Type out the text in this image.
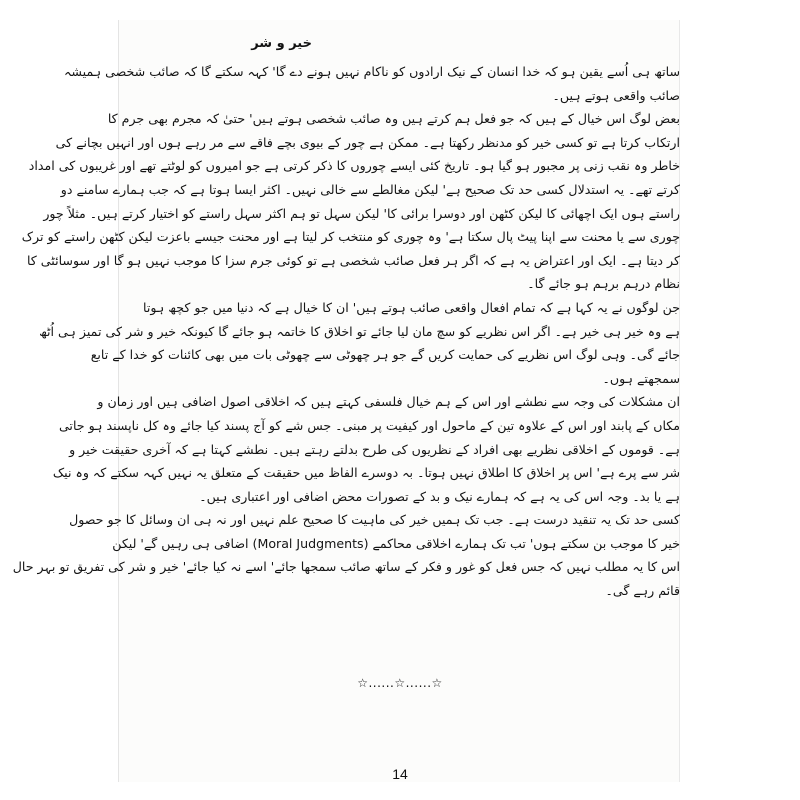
خیر و شر
ساتھ ہی اُسے یقین ہو کہ خدا انسان کے نیک ارادوں کو ناکام نہیں ہونے دے گا' کہہ سکتے گا کہ صائب شخصی ہمیشہ
صائب واقعی ہوتے ہیں۔
بعض لوگ اس خیال کے ہیں کہ جو فعل ہم کرتے ہیں وہ صائب شخصی ہوتے ہیں' حتیٰ کہ مجرم بھی جرم کا
ارتکاب کرتا ہے تو کسی خیر کو مدنظر رکھتا ہے۔ ممکن ہے چور کے بیوی بچے فاقے سے مر رہے ہوں اور انہیں بچانے کی
خاطر وہ نقب زنی پر مجبور ہو گیا ہو۔ تاریخ کئی ایسے چوروں کا ذکر کرتی ہے جو امیروں کو لوٹتے تھے اور غریبوں کی امداد
کرتے تھے۔ یہ استدلال کسی حد تک صحیح ہے' لیکن مغالطے سے خالی نہیں۔ اکثر ایسا ہوتا ہے کہ جب ہمارے سامنے دو
راستے ہوں ایک اچھائی کا لیکن کٹھن اور دوسرا برائی کا' لیکن سہل تو ہم اکثر سہل راستے کو اختیار کرتے ہیں۔ مثلاً چور
چوری سے یا محنت سے اپنا پیٹ پال سکتا ہے' وہ چوری کو منتخب کر لیتا ہے اور محنت جیسے باعزت لیکن کٹھن راستے کو ترک
کر دیتا ہے۔ ایک اور اعتراض یہ ہے کہ اگر ہر فعل صائب شخصی ہے تو کوئی جرم سزا کا موجب نہیں ہو گا اور سوسائٹی کا
نظام درہم برہم ہو جائے گا۔
جن لوگوں نے یہ کہا ہے کہ تمام افعال واقعی صائب ہوتے ہیں' ان کا خیال ہے کہ دنیا میں جو کچھ ہوتا
ہے وہ خیر ہی خیر ہے۔ اگر اس نظریے کو سچ مان لیا جائے تو اخلاق کا خاتمہ ہو جائے گا کیونکہ خیر و شر کی تمیز ہی اُٹھ
جائے گی۔ وہی لوگ اس نظریے کی حمایت کریں گے جو ہر چھوٹی سے چھوٹی بات میں بھی کائنات کو خدا کے تابع
سمجھتے ہوں۔
ان مشکلات کی وجہ سے نطشے اور اس کے ہم خیال فلسفی کہتے ہیں کہ اخلاقی اصول اضافی ہیں اور زمان و
مکاں کے پابند اور اس کے علاوہ تین کے ماحول اور کیفیت پر مبنی۔ جس شے کو آج پسند کیا جائے وہ کل ناپسند ہو جاتی
ہے۔ قوموں کے اخلاقی نظریے بھی افراد کے نظریوں کی طرح بدلتے رہتے ہیں۔ نطشے کہتا ہے کہ آخری حقیقت خیر و
شر سے پرے ہے' اس پر اخلاق کا اطلاق نہیں ہوتا۔ بہ دوسرے الفاظ میں حقیقت کے متعلق یہ نہیں کہہ سکتے کہ وہ نیک
ہے یا بد۔ وجہ اس کی یہ ہے کہ ہمارے نیک و بد کے تصورات محض اضافی اور اعتباری ہیں۔
کسی حد تک یہ تنقید درست ہے۔ جب تک ہمیں خیر کی ماہیت کا صحیح علم نہیں اور نہ ہی ان وسائل کا جو حصول
خیر کا موجب بن سکتے ہوں' تب تک ہمارے اخلاقی محاکمے (Moral Judgments) اضافی ہی رہیں گے' لیکن
اس کا یہ مطلب نہیں کہ جس فعل کو غور و فکر کے ساتھ صائب سمجھا جائے' اسے نہ کیا جائے' خیر و شر کی تفریق تو بہر حال
قائم رہے گی۔
☆......☆......☆
14
